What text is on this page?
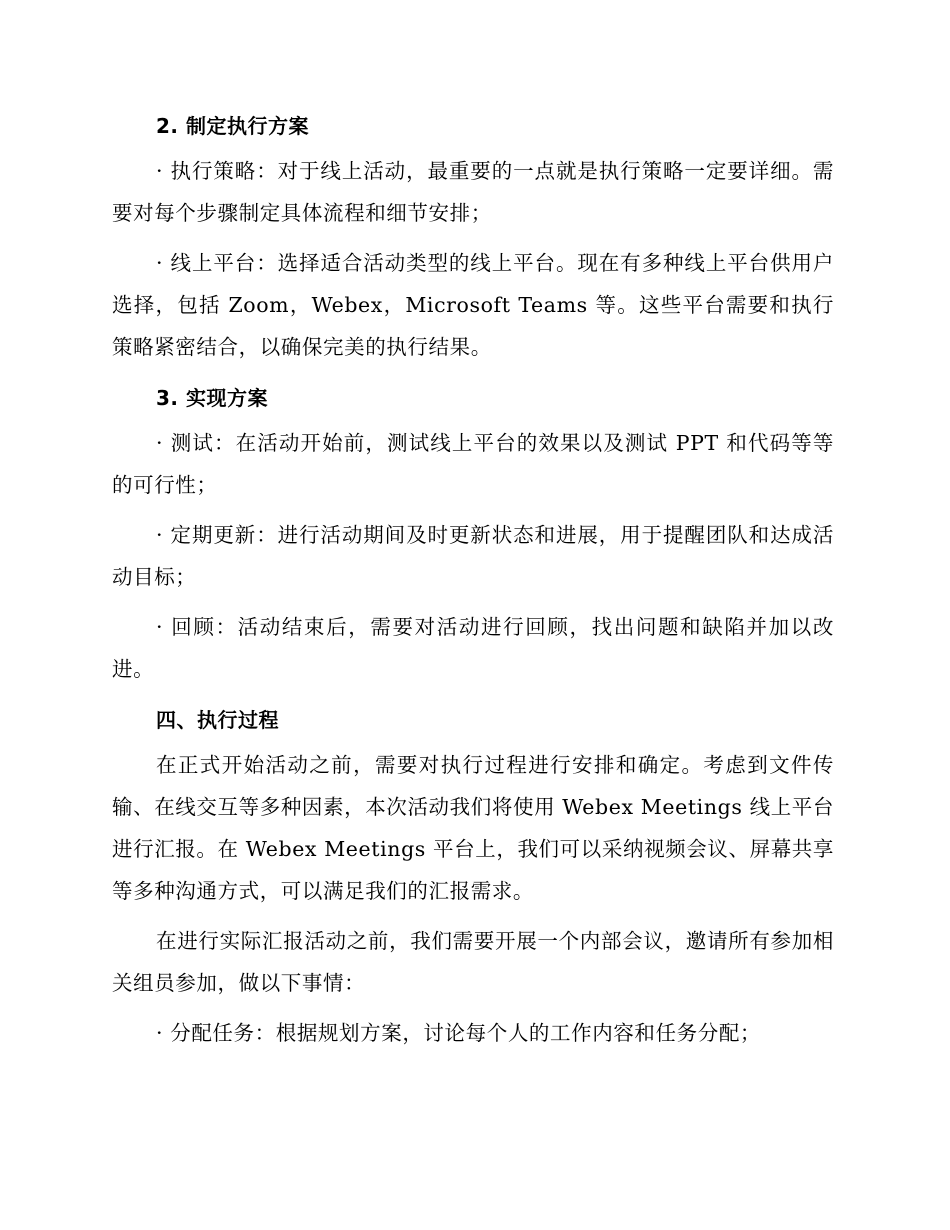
2. 制定执行方案

· 执行策略：对于线上活动，最重要的一点就是执行策略一定要详细。需要对每个步骤制定具体流程和细节安排；

· 线上平台：选择适合活动类型的线上平台。现在有多种线上平台供用户选择，包括 Zoom，Webex，Microsoft Teams 等。这些平台需要和执行策略紧密结合，以确保完美的执行结果。

3. 实现方案

· 测试：在活动开始前，测试线上平台的效果以及测试 PPT 和代码等等的可行性；

· 定期更新：进行活动期间及时更新状态和进展，用于提醒团队和达成活动目标；

· 回顾：活动结束后，需要对活动进行回顾，找出问题和缺陷并加以改进。

四、执行过程

在正式开始活动之前，需要对执行过程进行安排和确定。考虑到文件传输、在线交互等多种因素，本次活动我们将使用 Webex Meetings 线上平台进行汇报。在 Webex Meetings 平台上，我们可以采纳视频会议、屏幕共享等多种沟通方式，可以满足我们的汇报需求。

在进行实际汇报活动之前，我们需要开展一个内部会议，邀请所有参加相关组员参加，做以下事情：

· 分配任务：根据规划方案，讨论每个人的工作内容和任务分配；
